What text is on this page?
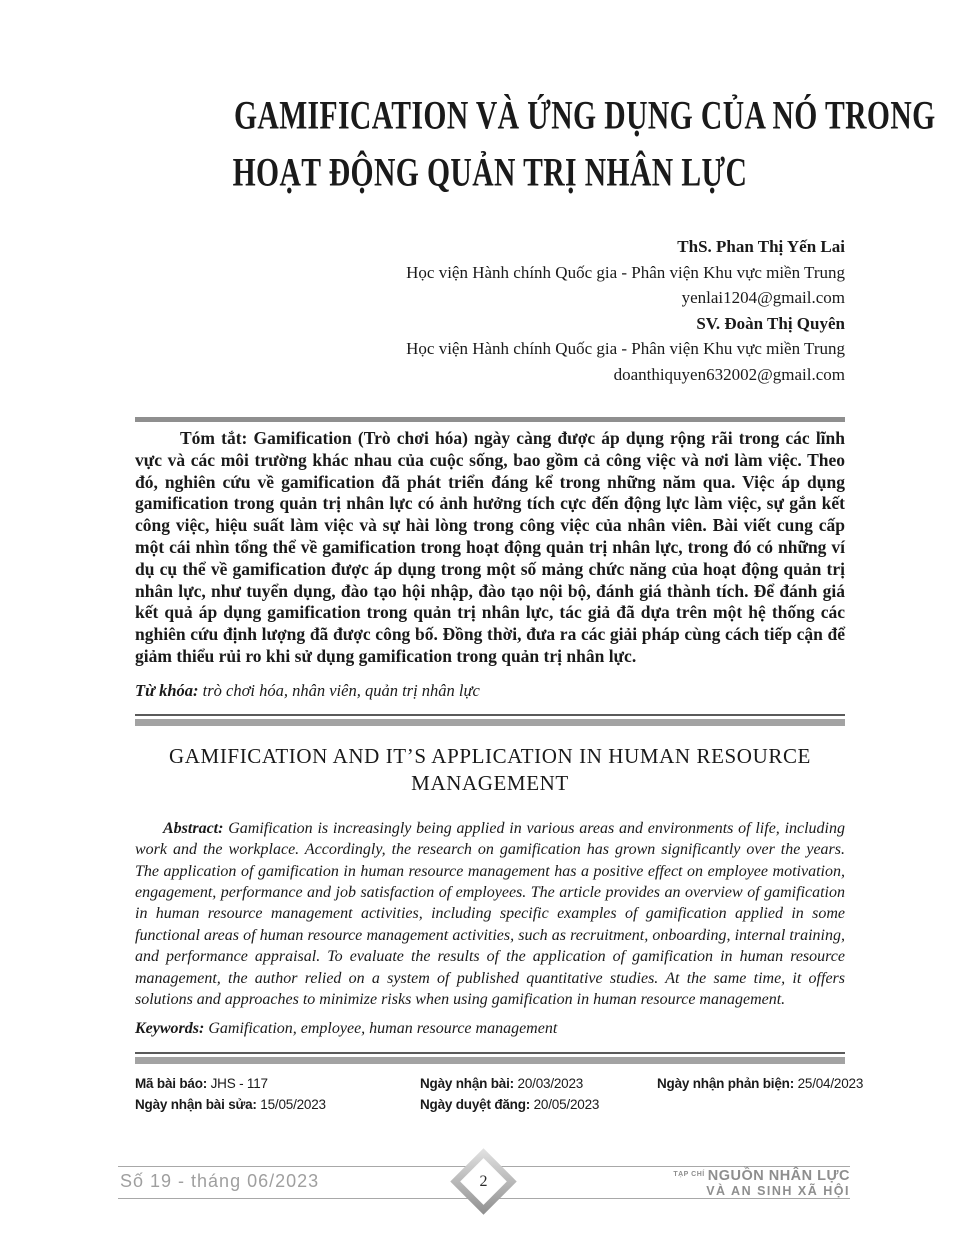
GAMIFICATION VÀ ỨNG DỤNG CỦA NÓ TRONG
HOẠT ĐỘNG QUẢN TRỊ NHÂN LỰC
ThS. Phan Thị Yến Lai
Học viện Hành chính Quốc gia - Phân viện Khu vực miền Trung
yenlai1204@gmail.com
SV. Đoàn Thị Quyên
Học viện Hành chính Quốc gia - Phân viện Khu vực miền Trung
doanthiquyen632002@gmail.com

Tóm tắt: Gamification (Trò chơi hóa) ngày càng được áp dụng rộng rãi trong các lĩnh vực và các môi trường khác nhau của cuộc sống, bao gồm cả công việc và nơi làm việc. Theo đó, nghiên cứu về gamification đã phát triển đáng kể trong những năm qua. Việc áp dụng gamification trong quản trị nhân lực có ảnh hưởng tích cực đến động lực làm việc, sự gắn kết công việc, hiệu suất làm việc và sự hài lòng trong công việc của nhân viên. Bài viết cung cấp một cái nhìn tổng thể về gamification trong hoạt động quản trị nhân lực, trong đó có những ví dụ cụ thể về gamification được áp dụng trong một số mảng chức năng của hoạt động quản trị nhân lực, như tuyển dụng, đào tạo hội nhập, đào tạo nội bộ, đánh giá thành tích. Để đánh giá kết quả áp dụng gamification trong quản trị nhân lực, tác giả đã dựa trên một hệ thống các nghiên cứu định lượng đã được công bố. Đồng thời, đưa ra các giải pháp cùng cách tiếp cận để giảm thiểu rủi ro khi sử dụng gamification trong quản trị nhân lực.

Từ khóa: trò chơi hóa, nhân viên, quản trị nhân lực

GAMIFICATION AND IT’S APPLICATION IN HUMAN RESOURCE
MANAGEMENT

Abstract: Gamification is increasingly being applied in various areas and environments of life, including work and the workplace. Accordingly, the research on gamification has grown significantly over the years. The application of gamification in human resource management has a positive effect on employee motivation, engagement, performance and job satisfaction of employees. The article provides an overview of gamification in human resource management activities, including specific examples of gamification applied in some functional areas of human resource management activities, such as recruitment, onboarding, internal training, and performance appraisal. To evaluate the results of the application of gamification in human resource management, the author relied on a system of published quantitative studies. At the same time, it offers solutions and approaches to minimize risks when using gamification in human resource management.

Keywords: Gamification, employee, human resource management

Mã bài báo: JHS - 117
Ngày nhận bài sửa: 15/05/2023
Ngày nhận bài: 20/03/2023
Ngày duyệt đăng: 20/05/2023
Ngày nhận phản biện: 25/04/2023
Số 19 - tháng 06/2023	$^{TẠP CHÍ}$ NGUỒN NHÂN LỰC
VÀ AN SINH XÃ HỘI
2
